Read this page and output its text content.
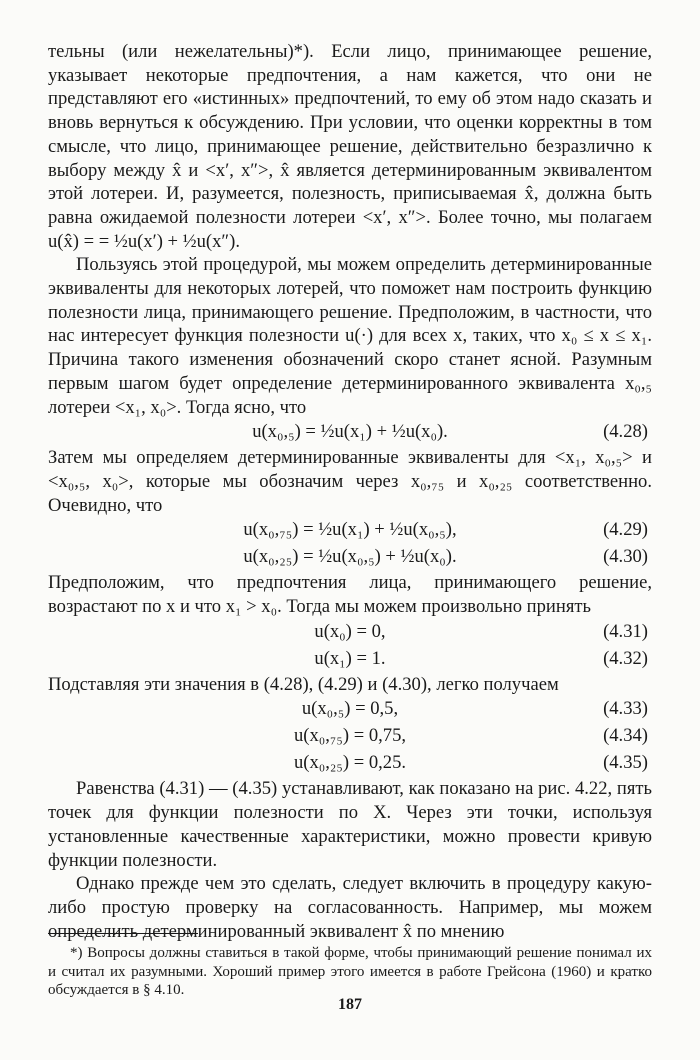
тельны (или нежелательны)*). Если лицо, принимающее решение, указывает некоторые предпочтения, а нам кажется, что они не представляют его «истинных» предпочтений, то ему об этом надо сказать и вновь вернуться к обсуждению. При условии, что оценки корректны в том смысле, что лицо, принимающее решение, действительно безразлично к выбору между x̂ и <x′, x″>, x̂ является детерминированным эквивалентом этой лотереи. И, разумеется, полезность, приписываемая x̂, должна быть равна ожидаемой полезности лотереи <x′, x″>. Более точно, мы полагаем u(x̂) = = ½u(x′) + ½u(x″).

Пользуясь этой процедурой, мы можем определить детерминированные эквиваленты для некоторых лотерей, что поможет нам построить функцию полезности лица, принимающего решение. Предположим, в частности, что нас интересует функция полезности u(·) для всех x, таких, что x₀ ≤ x ≤ x₁. Причина такого изменения обозначений скоро станет ясной. Разумным первым шагом будет определение детерминированного эквивалента x₀,₅ лотереи <x₁, x₀>. Тогда ясно, что

u(x₀,₅) = ½u(x₁) + ½u(x₀).	(4.28)

Затем мы определяем детерминированные эквиваленты для <x₁, x₀,₅> и <x₀,₅, x₀>, которые мы обозначим через x₀,₇₅ и x₀,₂₅ соответственно. Очевидно, что

u(x₀,₇₅) = ½u(x₁) + ½u(x₀,₅),	(4.29)
u(x₀,₂₅) = ½u(x₀,₅) + ½u(x₀).	(4.30)

Предположим, что предпочтения лица, принимающего решение, возрастают по x и что x₁ > x₀. Тогда мы можем произвольно принять

u(x₀) = 0,	(4.31)
u(x₁) = 1.	(4.32)

Подставляя эти значения в (4.28), (4.29) и (4.30), легко получаем

u(x₀,₅) = 0,5,	(4.33)
u(x₀,₇₅) = 0,75,	(4.34)
u(x₀,₂₅) = 0,25.	(4.35)

Равенства (4.31) — (4.35) устанавливают, как показано на рис. 4.22, пять точек для функции полезности по X. Через эти точки, используя установленные качественные характеристики, можно провести кривую функции полезности.

Однако прежде чем это сделать, следует включить в процедуру какую-либо простую проверку на согласованность. Например, мы можем определить детерминированный эквивалент x̂ по мнению

*) Вопросы должны ставиться в такой форме, чтобы принимающий решение понимал их и считал их разумными. Хороший пример этого имеется в работе Грейсона (1960) и кратко обсуждается в § 4.10.

187
